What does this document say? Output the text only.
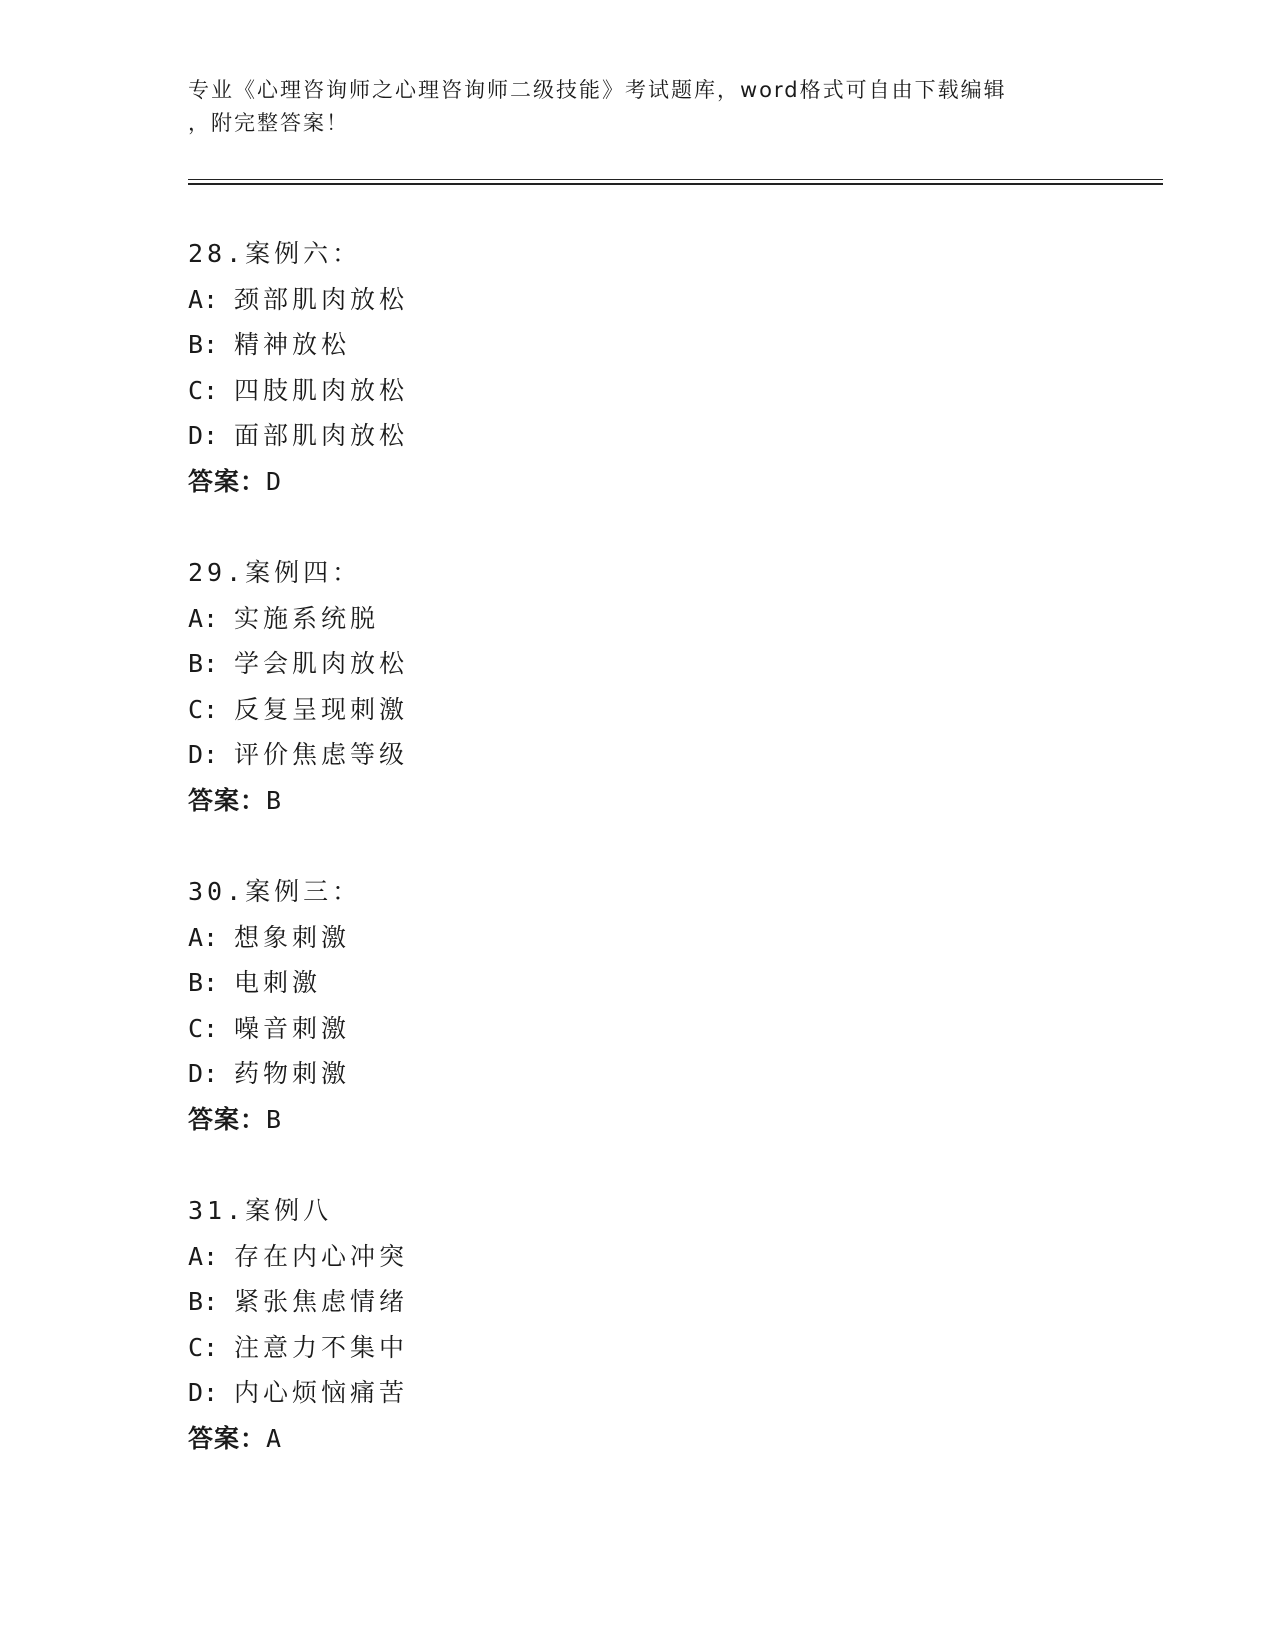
专业《心理咨询师之心理咨询师二级技能》考试题库，word格式可自由下载编辑
，附完整答案！
28.案例六：
A: 颈部肌肉放松
B: 精神放松
C: 四肢肌肉放松
D: 面部肌肉放松
答案：D
29.案例四：
A: 实施系统脱
B: 学会肌肉放松
C: 反复呈现刺激
D: 评价焦虑等级
答案：B
30.案例三：
A: 想象刺激
B: 电刺激
C: 噪音刺激
D: 药物刺激
答案：B
31.案例八
A: 存在内心冲突
B: 紧张焦虑情绪
C: 注意力不集中
D: 内心烦恼痛苦
答案：A
